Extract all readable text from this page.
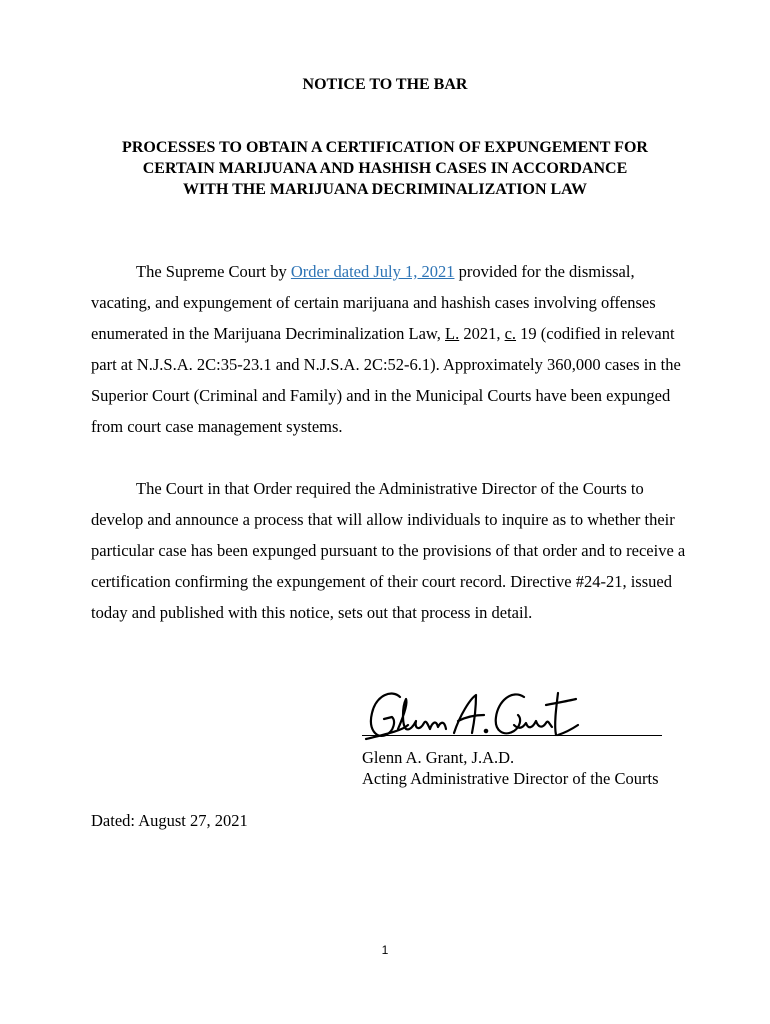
NOTICE TO THE BAR
PROCESSES TO OBTAIN A CERTIFICATION OF EXPUNGEMENT FOR
CERTAIN MARIJUANA AND HASHISH CASES IN ACCORDANCE
WITH THE MARIJUANA DECRIMINALIZATION LAW
The Supreme Court by Order dated July 1, 2021 provided for the dismissal, vacating, and expungement of certain marijuana and hashish cases involving offenses enumerated in the Marijuana Decriminalization Law, L. 2021, c. 19 (codified in relevant part at N.J.S.A. 2C:35-23.1 and N.J.S.A. 2C:52-6.1). Approximately 360,000 cases in the Superior Court (Criminal and Family) and in the Municipal Courts have been expunged from court case management systems.
The Court in that Order required the Administrative Director of the Courts to develop and announce a process that will allow individuals to inquire as to whether their particular case has been expunged pursuant to the provisions of that order and to receive a certification confirming the expungement of their court record. Directive #24-21, issued today and published with this notice, sets out that process in detail.
Glenn A. Grant, J.A.D.
Acting Administrative Director of the Courts
Dated: August 27, 2021
1
